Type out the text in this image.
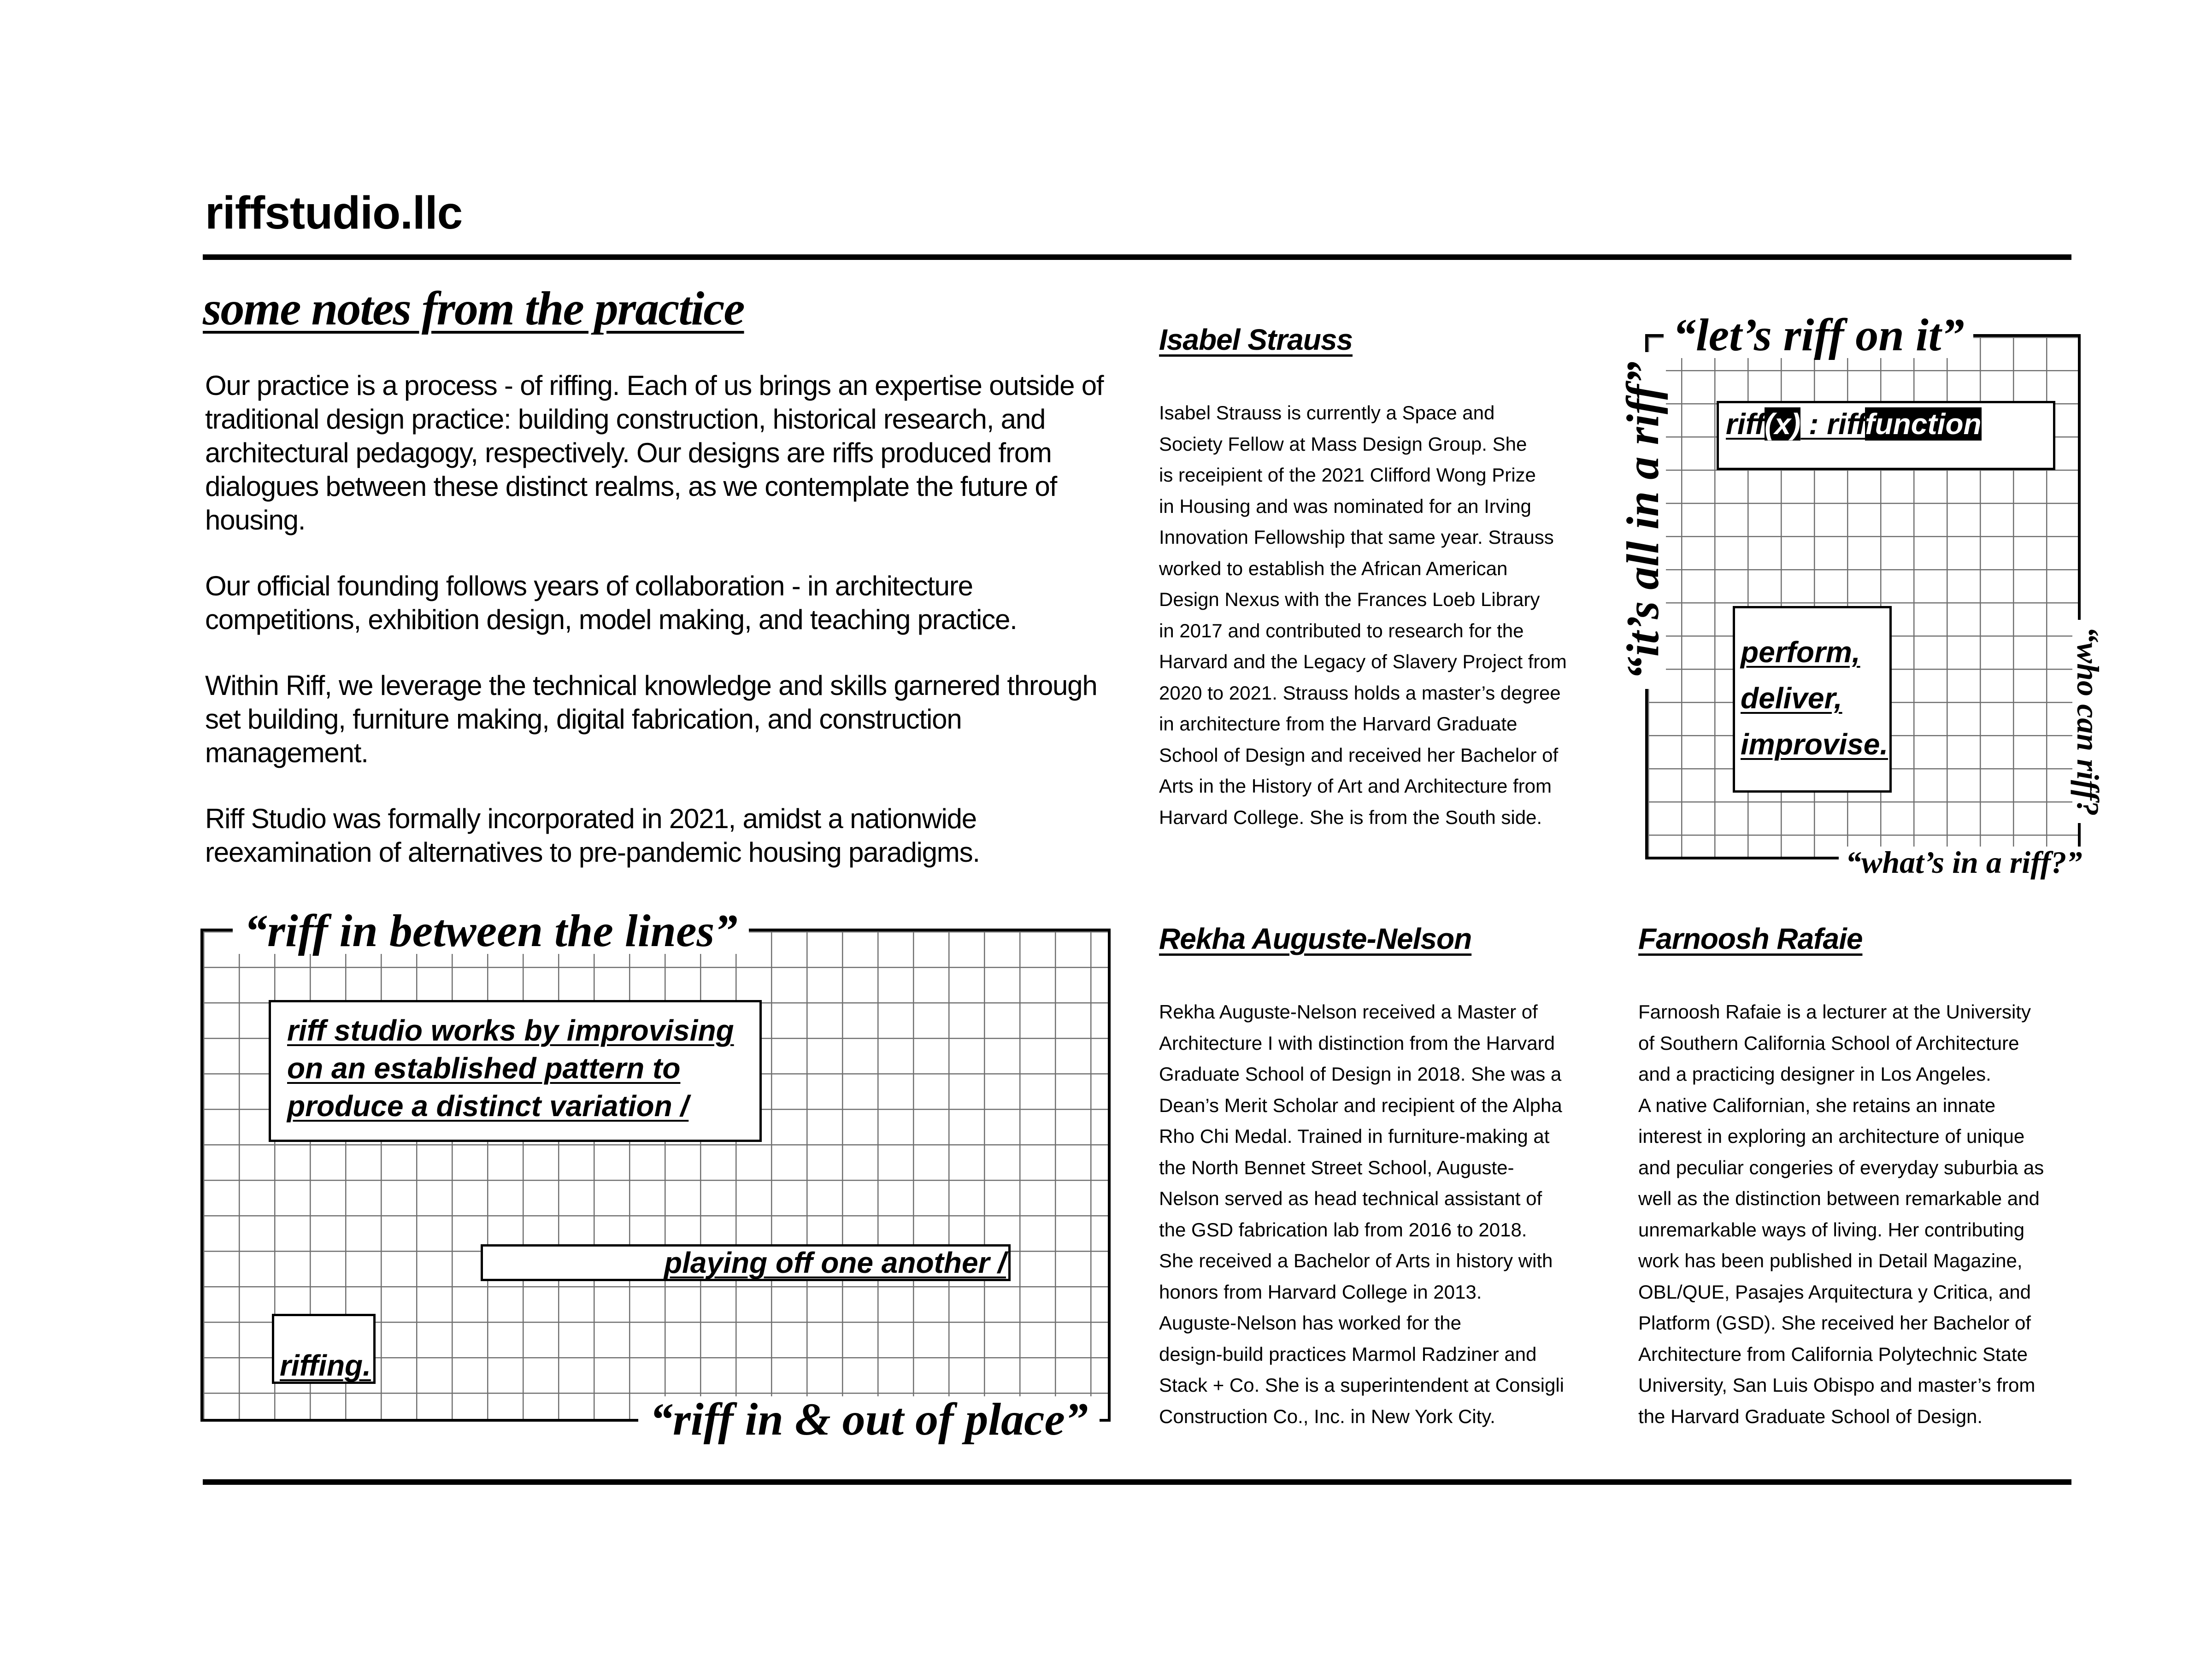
riffstudio.llc
some notes from the practice

Our practice is a process - of riffing. Each of us brings an expertise outside of traditional design practice: building construction, historical research, and architectural pedagogy, respectively. Our designs are riffs produced from dialogues between these distinct realms, as we contemplate the future of housing.

Our official founding follows years of collaboration - in architecture competitions, exhibition design, model making, and teaching practice.

Within Riff, we leverage the technical knowledge and skills garnered through set building, furniture making, digital fabrication, and construction management.

Riff Studio was formally incorporated in 2021, amidst a nationwide reexamination of alternatives to pre-pandemic housing paradigms.

Isabel Strauss
Isabel Strauss is currently a Space and
Society Fellow at Mass Design Group. She
is receipient of the 2021 Clifford Wong Prize
in Housing and was nominated for an Irving
Innovation Fellowship that same year. Strauss
worked to establish the African American
Design Nexus with the Frances Loeb Library
in 2017 and contributed to research for the
Harvard and the Legacy of Slavery Project from
2020 to 2021. Strauss holds a master’s degree
in architecture from the Harvard Graduate
School of Design and received her Bachelor of
Arts in the History of Art and Architecture from
Harvard College. She is from the South side.
Rekha Auguste-Nelson
Rekha Auguste-Nelson received a Master of
Architecture I with distinction from the Harvard
Graduate School of Design in 2018. She was a
Dean’s Merit Scholar and recipient of the Alpha
Rho Chi Medal. Trained in furniture-making at
the North Bennet Street School, Auguste-
Nelson served as head technical assistant of
the GSD fabrication lab from 2016 to 2018.
She received a Bachelor of Arts in history with
honors from Harvard College in 2013.
Auguste-Nelson has worked for the
design-build practices Marmol Radziner and
Stack + Co. She is a superintendent at Consigli
Construction Co., Inc. in New York City.
Farnoosh Rafaie
Farnoosh Rafaie is a lecturer at the University
of Southern California School of Architecture
and a practicing designer in Los Angeles.
A native Californian, she retains an innate
interest in exploring an architecture of unique
and peculiar congeries of everyday suburbia as
well as the distinction between remarkable and
unremarkable ways of living. Her contributing
work has been published in Detail Magazine,
OBL/QUE, Pasajes Arquitectura y Critica, and
Platform (GSD). She received her Bachelor of
Architecture from California Polytechnic State
University, San Luis Obispo and master’s from
the Harvard Graduate School of Design.
“riff in between the lines”
“riff in & out of place”
riff studio works by improvising
on an established pattern to
produce a distinct variation /
playing off one another /
riffing.
“let’s riff on it”
“what’s in a riff?”
“it’s all in a riff”
“who can riff?
riff(x) : rifffunction
perform,
deliver,
improvise.
